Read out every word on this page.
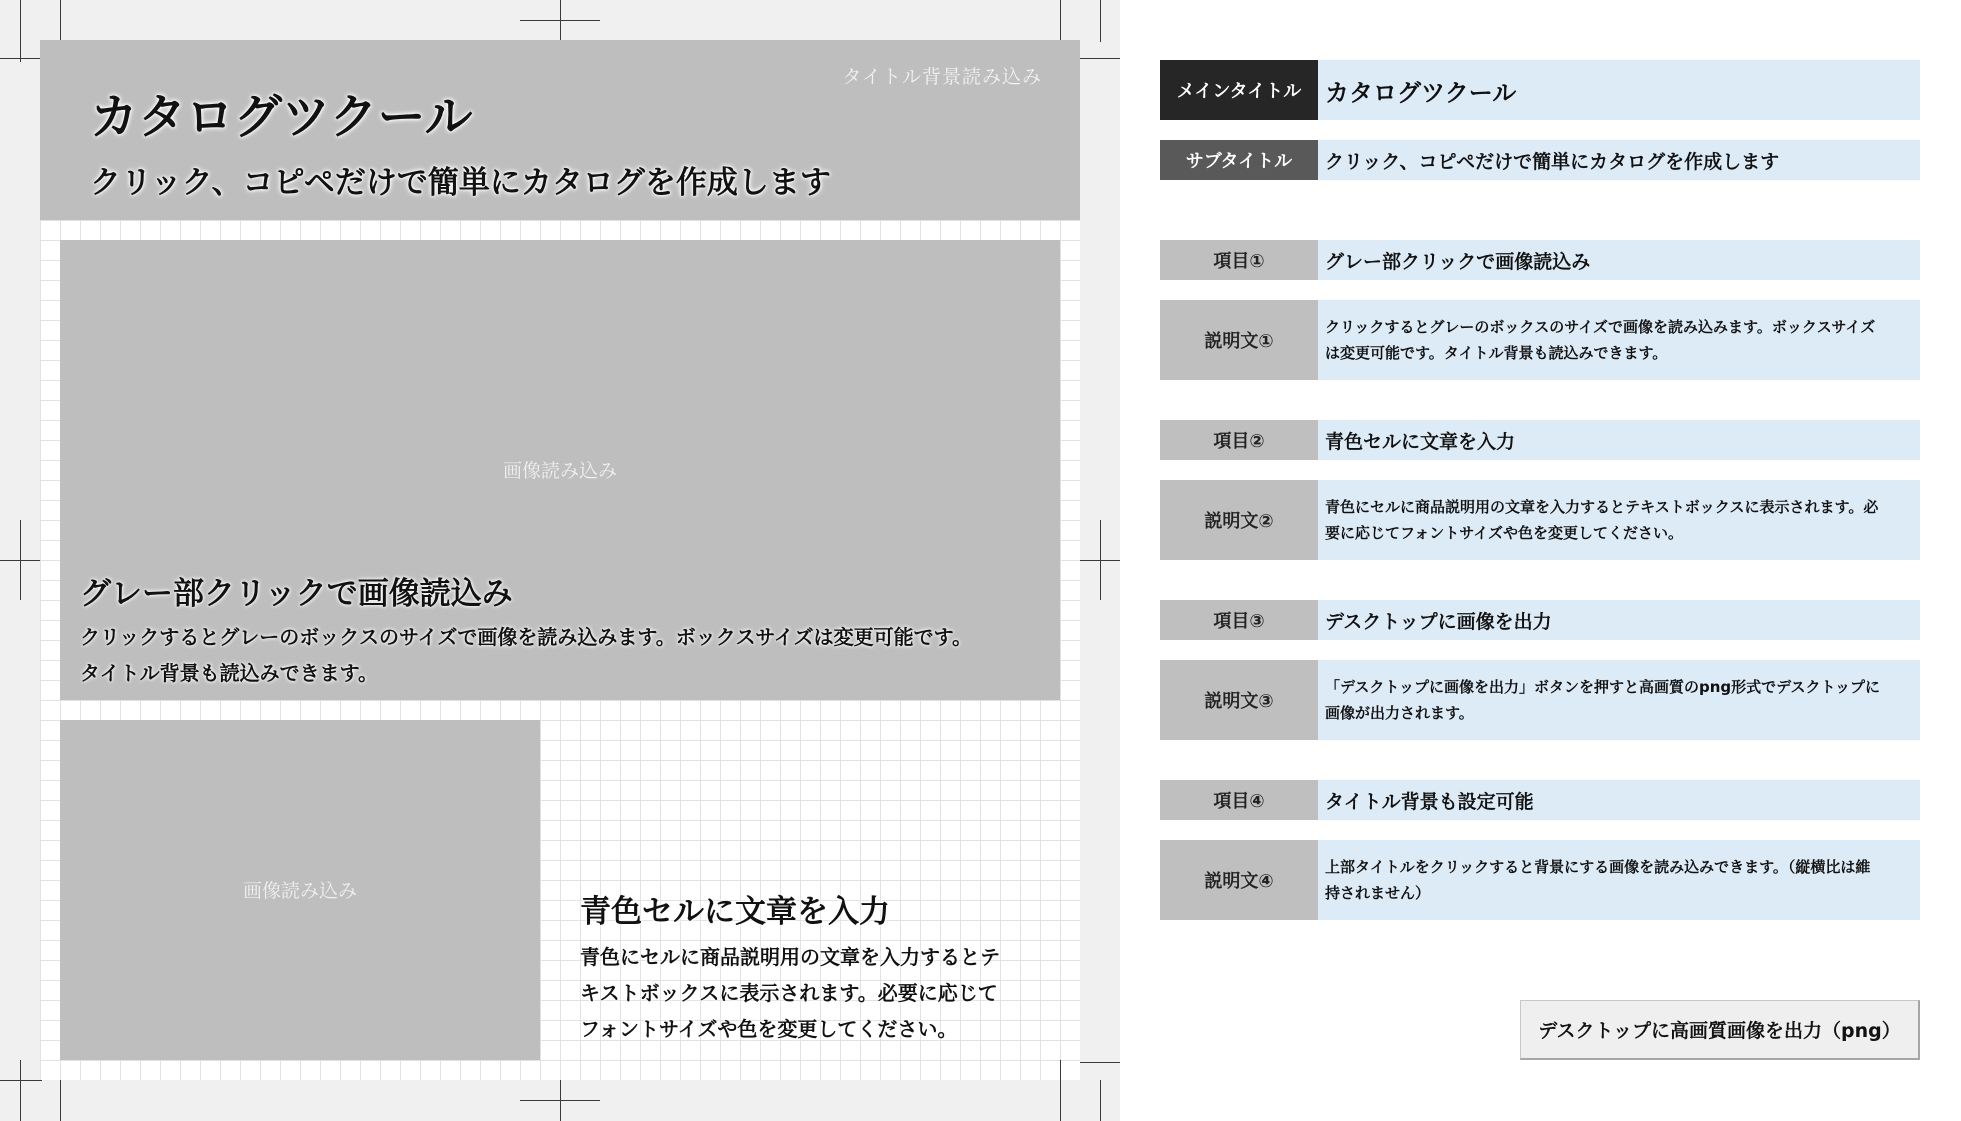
タイトル背景読み込み
カタログツクール
クリック、コピペだけで簡単にカタログを作成します
画像読み込み
グレー部クリックで画像読込み
クリックするとグレーのボックスのサイズで画像を読み込みます。ボックスサイズは変更可能です。
タイトル背景も読込みできます。
画像読み込み
青色セルに文章を入力
青色にセルに商品説明用の文章を入力するとテ
キストボックスに表示されます。必要に応じて
フォントサイズや色を変更してください。
メインタイトル カタログツクール
サブタイトル	クリック、コピペだけで簡単にカタログを作成します
項目①	グレー部クリックで画像読込み
説明文①
クリックするとグレーのボックスのサイズで画像を読み込みます。ボックスサイズ
は変更可能です。タイトル背景も読込みできます。
項目②	青色セルに文章を入力
説明文②
青色にセルに商品説明用の文章を入力するとテキストボックスに表示されます。必
要に応じてフォントサイズや色を変更してください。
項目③	デスクトップに画像を出力
説明文③
「デスクトップに画像を出力」ボタンを押すと高画質のpng形式でデスクトップに
画像が出力されます。
項目④	タイトル背景も設定可能
説明文④
上部タイトルをクリックすると背景にする画像を読み込みできます。（縦横比は維
持されません）
デスクトップに高画質画像を出力（png）
